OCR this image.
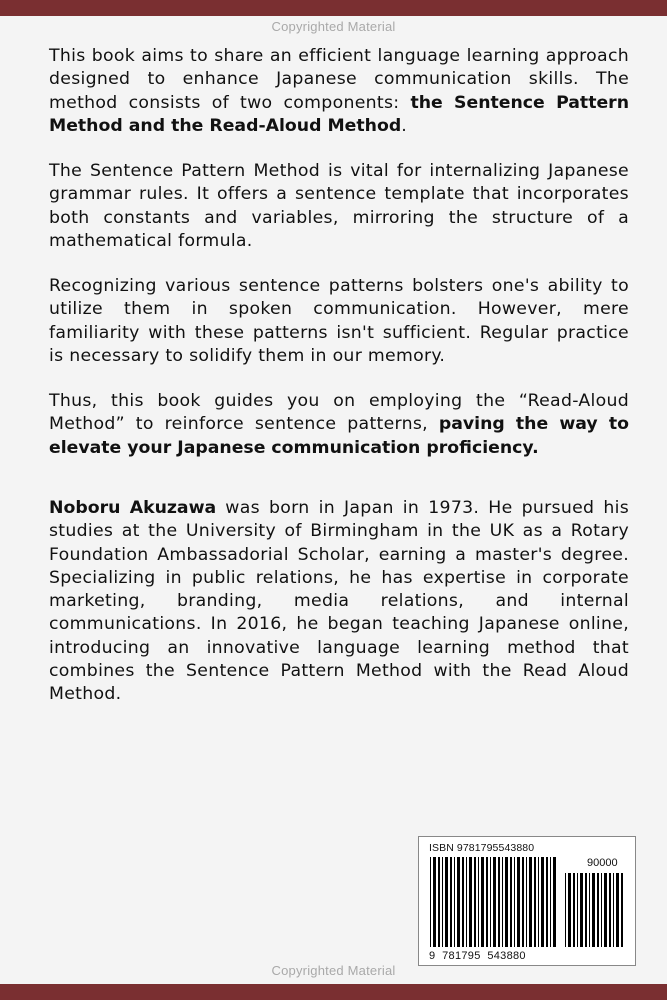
Copyrighted Material

This book aims to share an efficient language learning approach designed to enhance Japanese communication skills. The method consists of two components: the Sentence Pattern Method and the Read-Aloud Method.

The Sentence Pattern Method is vital for internalizing Japanese grammar rules. It offers a sentence template that incorporates both constants and variables, mirroring the structure of a mathematical formula.

Recognizing various sentence patterns bolsters one's ability to utilize them in spoken communication. However, mere familiarity with these patterns isn't sufficient. Regular practice is necessary to solidify them in our memory.

Thus, this book guides you on employing the “Read-Aloud Method” to reinforce sentence patterns, paving the way to elevate your Japanese communication proficiency.

Noboru Akuzawa was born in Japan in 1973. He pursued his studies at the University of Birmingham in the UK as a Rotary Foundation Ambassadorial Scholar, earning a master's degree. Specializing in public relations, he has expertise in corporate marketing, branding, media relations, and internal communications. In 2016, he began teaching Japanese online, introducing an innovative language learning method that combines the Sentence Pattern Method with the Read Aloud Method.

ISBN 9781795543880
90000
9  781795  543880
Copyrighted Material
